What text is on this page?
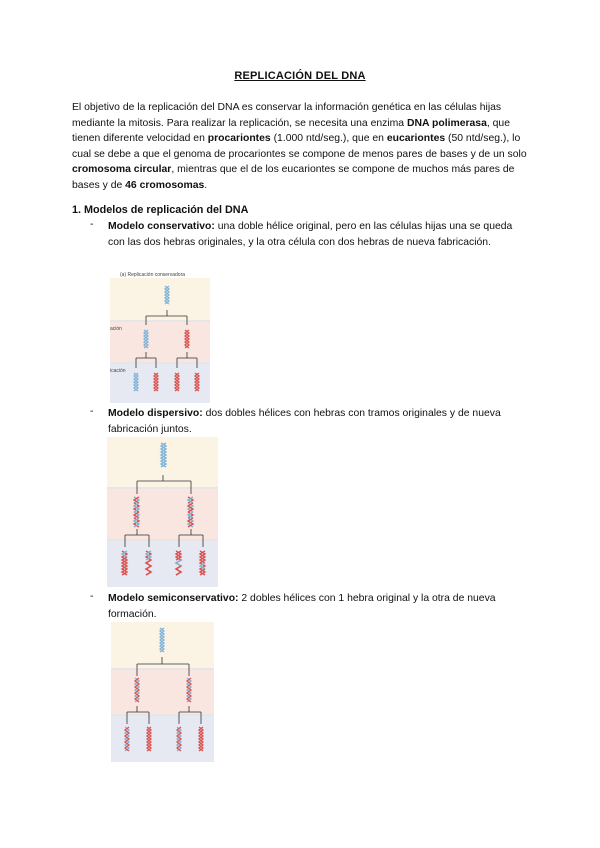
REPLICACIÓN DEL DNA
El objetivo de la replicación del DNA es conservar la información genética en las células hijas mediante la mitosis. Para realizar la replicación, se necesita una enzima DNA polimerasa, que tienen diferente velocidad en procariontes (1.000 ntd/seg.), que en eucariontes (50 ntd/seg.), lo cual se debe a que el genoma de procariontes se compone de menos pares de bases y de un solo cromosoma circular, mientras que el de los eucariontes se compone de muchos más pares de bases y de 46 cromosomas.
1. Modelos de replicación del DNA
- Modelo conservativo: una doble hélice original, pero en las células hijas una se queda con las dos hebras originales, y la otra célula con dos hebras de nueva fabricación.
(a) Replicación conservadora
ación
icación
- Modelo dispersivo: dos dobles hélices con hebras con tramos originales y de nueva fabricación juntos.
- Modelo semiconservativo: 2 dobles hélices con 1 hebra original y la otra de nueva formación.
